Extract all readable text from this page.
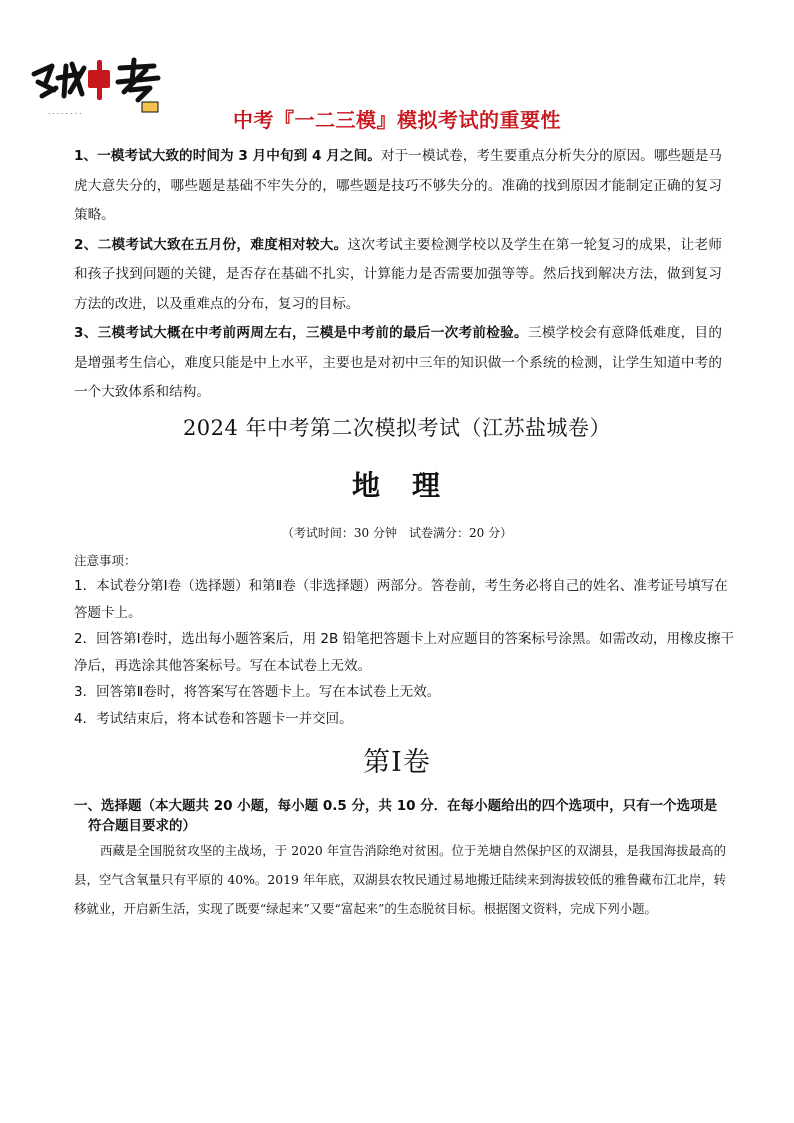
· · · · · · · ·	中考『一二三模』模拟考试的重要性

1、一模考试大致的时间为 3 月中旬到 4 月之间。对于一模试卷，考生要重点分析失分的原因。哪些题是马虎大意失分的，哪些题是基础不牢失分的，哪些题是技巧不够失分的。准确的找到原因才能制定正确的复习策略。

2、二模考试大致在五月份，难度相对较大。这次考试主要检测学校以及学生在第一轮复习的成果，让老师和孩子找到问题的关键，是否存在基础不扎实，计算能力是否需要加强等等。然后找到解决方法，做到复习方法的改进，以及重难点的分布，复习的目标。

3、三模考试大概在中考前两周左右，三模是中考前的最后一次考前检验。三模学校会有意降低难度，目的是增强考生信心，难度只能是中上水平，主要也是对初中三年的知识做一个系统的检测，让学生知道中考的一个大致体系和结构。

2024 年中考第二次模拟考试（江苏盐城卷）
地　理
（考试时间：30 分钟　试卷满分：20 分）

注意事项：

1．本试卷分第Ⅰ卷（选择题）和第Ⅱ卷（非选择题）两部分。答卷前，考生务必将自己的姓名、准考证号填写在答题卡上。

2．回答第Ⅰ卷时，选出每小题答案后，用 2B 铅笔把答题卡上对应题目的答案标号涂黑。如需改动，用橡皮擦干净后，再选涂其他答案标号。写在本试卷上无效。

3．回答第Ⅱ卷时，将答案写在答题卡上。写在本试卷上无效。

4．考试结束后，将本试卷和答题卡一并交回。

第Ⅰ卷
一、选择题（本大题共 20 小题，每小题 0.5 分，共 10 分．在每小题给出的四个选项中，只有一个选项是
符合题目要求的）

西藏是全国脱贫攻坚的主战场，于 2020 年宣告消除绝对贫困。位于羌塘自然保护区的双湖县，是我国海拔最高的县，空气含氧量只有平原的 40%。2019 年年底，双湖县农牧民通过易地搬迁陆续来到海拔较低的雅鲁藏布江北岸，转移就业，开启新生活，实现了既要“绿起来”又要“富起来”的生态脱贫目标。根据图文资料，完成下列小题。
